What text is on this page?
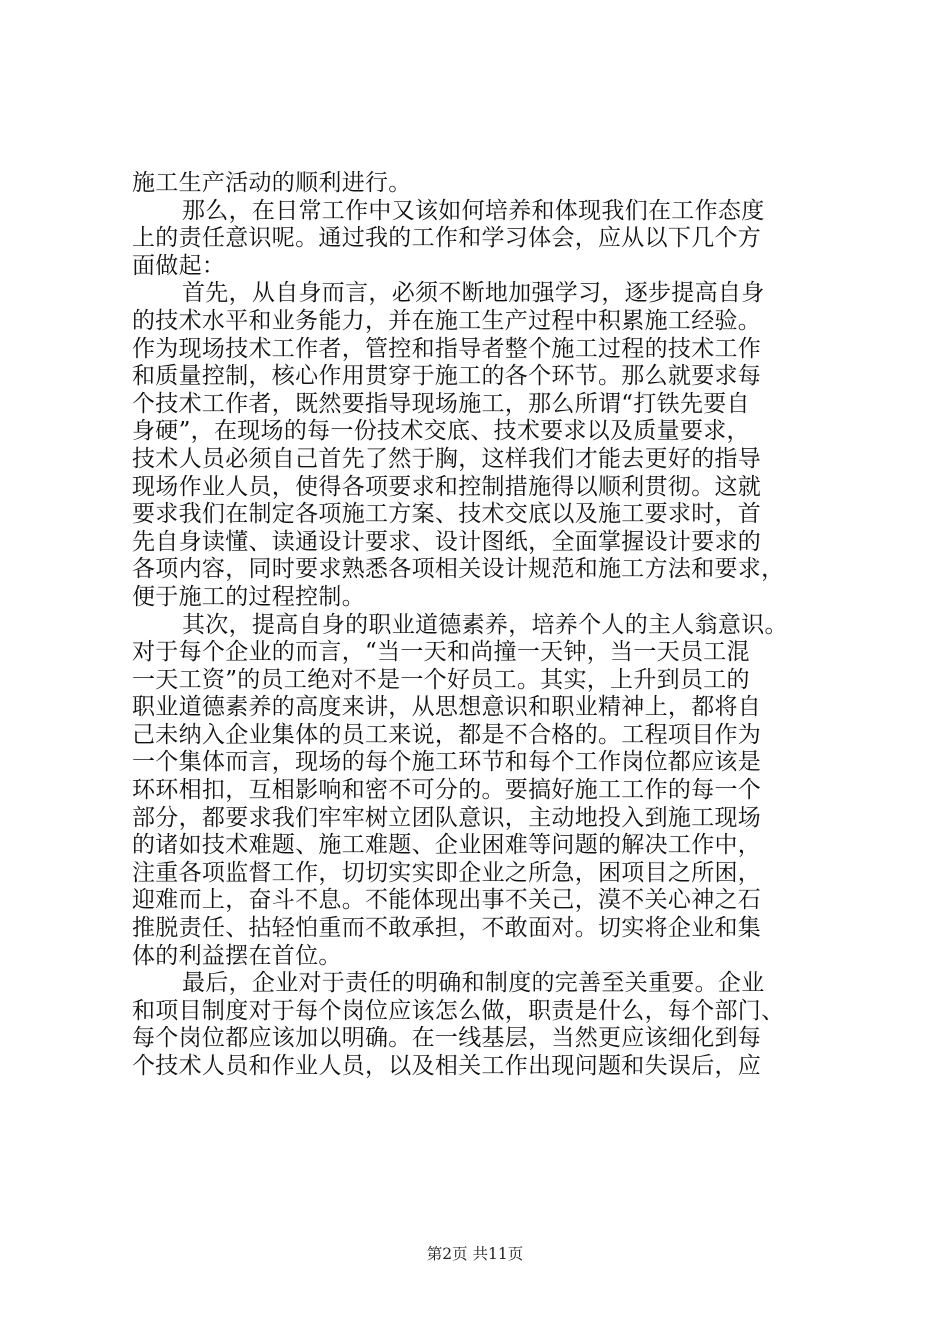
施工生产活动的顺利进行。
那么，在日常工作中又该如何培养和体现我们在工作态度
上的责任意识呢。通过我的工作和学习体会，应从以下几个方
面做起：
首先，从自身而言，必须不断地加强学习，逐步提高自身
的技术水平和业务能力，并在施工生产过程中积累施工经验。
作为现场技术工作者，管控和指导者整个施工过程的技术工作
和质量控制，核心作用贯穿于施工的各个环节。那么就要求每
个技术工作者，既然要指导现场施工，那么所谓“打铁先要自
身硬”，在现场的每一份技术交底、技术要求以及质量要求，
技术人员必须自己首先了然于胸，这样我们才能去更好的指导
现场作业人员，使得各项要求和控制措施得以顺利贯彻。这就
要求我们在制定各项施工方案、技术交底以及施工要求时，首
先自身读懂、读通设计要求、设计图纸，全面掌握设计要求的
各项内容，同时要求熟悉各项相关设计规范和施工方法和要求，
便于施工的过程控制。
其次，提高自身的职业道德素养，培养个人的主人翁意识。
对于每个企业的而言，“当一天和尚撞一天钟，当一天员工混
一天工资”的员工绝对不是一个好员工。其实，上升到员工的
职业道德素养的高度来讲，从思想意识和职业精神上，都将自
己未纳入企业集体的员工来说，都是不合格的。工程项目作为
一个集体而言，现场的每个施工环节和每个工作岗位都应该是
环环相扣，互相影响和密不可分的。要搞好施工工作的每一个
部分，都要求我们牢牢树立团队意识，主动地投入到施工现场
的诸如技术难题、施工难题、企业困难等问题的解决工作中，
注重各项监督工作，切切实实即企业之所急，困项目之所困，
迎难而上，奋斗不息。不能体现出事不关己，漠不关心神之石
推脱责任、拈轻怕重而不敢承担，不敢面对。切实将企业和集
体的利益摆在首位。
最后，企业对于责任的明确和制度的完善至关重要。企业
和项目制度对于每个岗位应该怎么做，职责是什么，每个部门、
每个岗位都应该加以明确。在一线基层，当然更应该细化到每
个技术人员和作业人员，以及相关工作出现问题和失误后，应
第2页 共11页
